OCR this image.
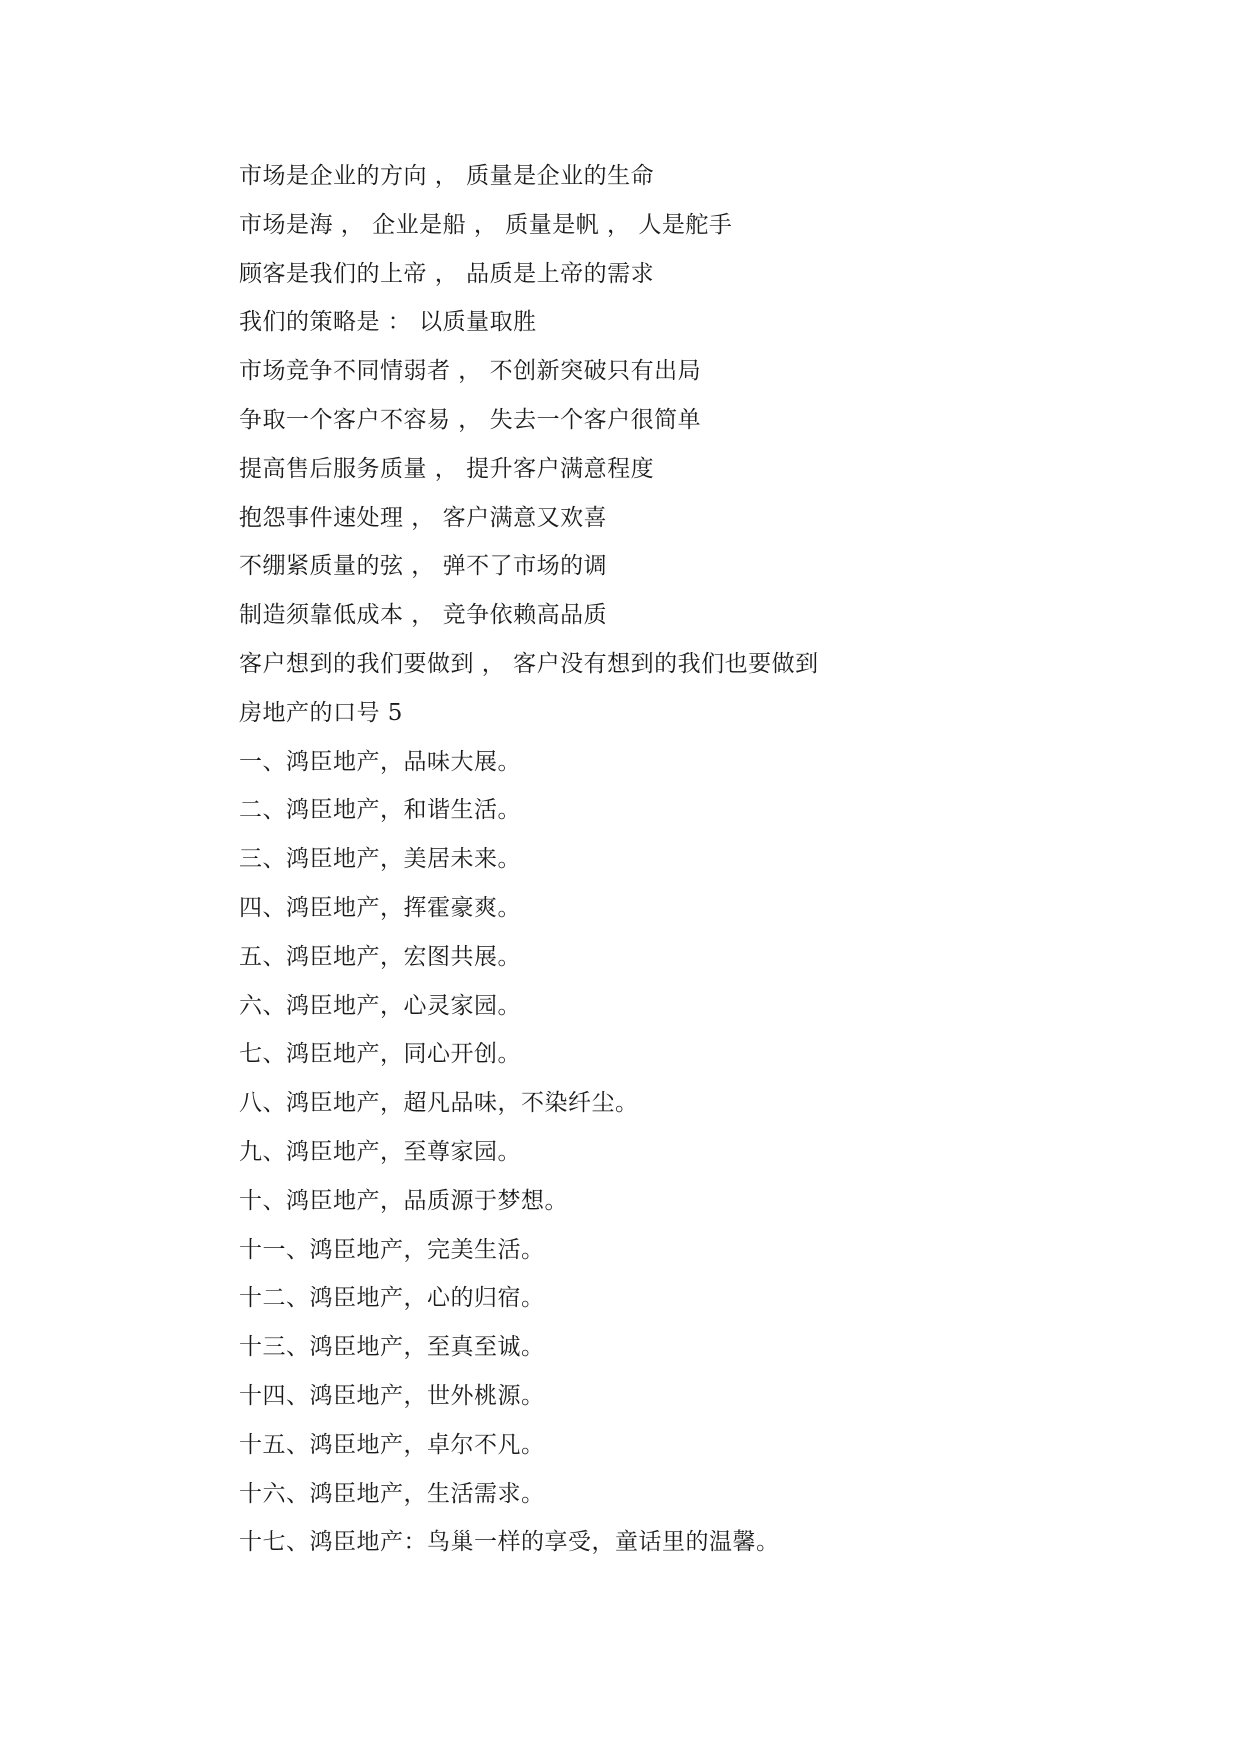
市场是企业的方向 ， 质量是企业的生命
市场是海 ， 企业是船 ， 质量是帆 ， 人是舵手
顾客是我们的上帝 ， 品质是上帝的需求
我们的策略是 ： 以质量取胜
市场竞争不同情弱者 ， 不创新突破只有出局
争取一个客户不容易 ， 失去一个客户很简单
提高售后服务质量 ， 提升客户满意程度
抱怨事件速处理 ， 客户满意又欢喜
不绷紧质量的弦 ， 弹不了市场的调
制造须靠低成本 ， 竞争依赖高品质
客户想到的我们要做到 ， 客户没有想到的我们也要做到
房地产的口号 5
一、鸿臣地产，品味大展。
二、鸿臣地产，和谐生活。
三、鸿臣地产，美居未来。
四、鸿臣地产，挥霍豪爽。
五、鸿臣地产，宏图共展。
六、鸿臣地产，心灵家园。
七、鸿臣地产，同心开创。
八、鸿臣地产，超凡品味，不染纤尘。
九、鸿臣地产，至尊家园。
十、鸿臣地产，品质源于梦想。
十一、鸿臣地产，完美生活。
十二、鸿臣地产，心的归宿。
十三、鸿臣地产，至真至诚。
十四、鸿臣地产，世外桃源。
十五、鸿臣地产，卓尔不凡。
十六、鸿臣地产，生活需求。
十七、鸿臣地产：鸟巢一样的享受，童话里的温馨。
